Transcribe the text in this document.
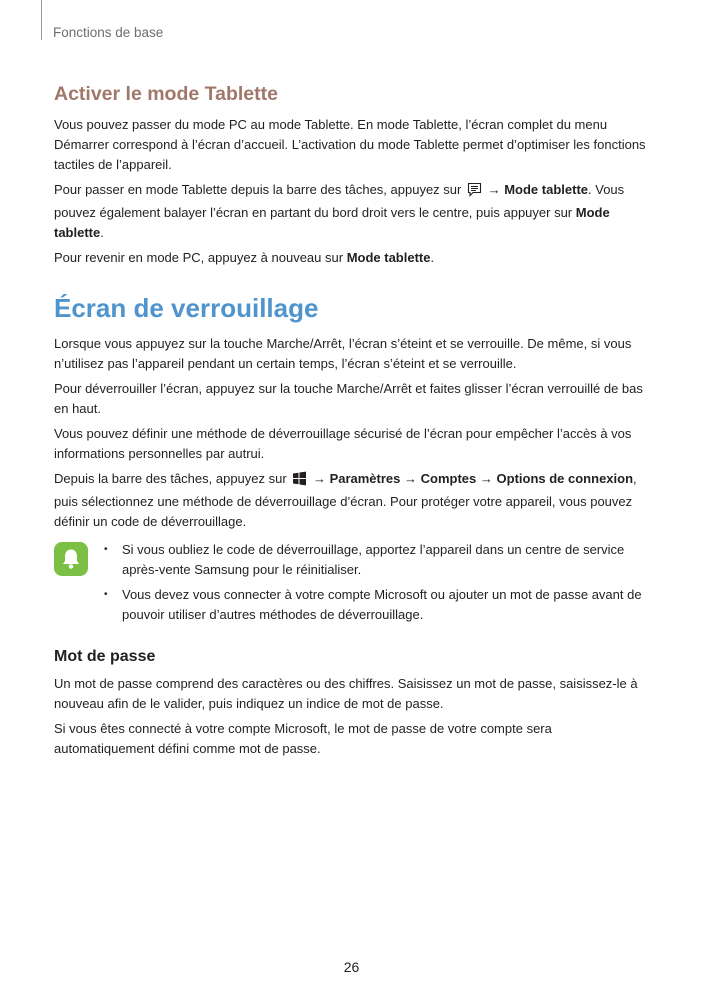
Fonctions de base
Activer le mode Tablette

Vous pouvez passer du mode PC au mode Tablette. En mode Tablette, l’écran complet du menu Démarrer correspond à l’écran d’accueil. L’activation du mode Tablette permet d’optimiser les fonctions tactiles de l’appareil.

Pour passer en mode Tablette depuis la barre des tâches, appuyez sur → Mode tablette. Vous pouvez également balayer l’écran en partant du bord droit vers le centre, puis appuyer sur Mode tablette.

Pour revenir en mode PC, appuyez à nouveau sur Mode tablette.

Écran de verrouillage

Lorsque vous appuyez sur la touche Marche/Arrêt, l’écran s’éteint et se verrouille. De même, si vous n’utilisez pas l’appareil pendant un certain temps, l’écran s’éteint et se verrouille.

Pour déverrouiller l’écran, appuyez sur la touche Marche/Arrêt et faites glisser l’écran verrouillé de bas en haut.

Vous pouvez définir une méthode de déverrouillage sécurisé de l’écran pour empêcher l’accès à vos informations personnelles par autrui.

Depuis la barre des tâches, appuyez sur → Paramètres → Comptes → Options de connexion, puis sélectionnez une méthode de déverrouillage d’écran. Pour protéger votre appareil, vous pouvez définir un code de déverrouillage.

• Si vous oubliez le code de déverrouillage, apportez l’appareil dans un centre de service après-vente Samsung pour le réinitialiser.
• Vous devez vous connecter à votre compte Microsoft ou ajouter un mot de passe avant de pouvoir utiliser d’autres méthodes de déverrouillage.
Mot de passe

Un mot de passe comprend des caractères ou des chiffres. Saisissez un mot de passe, saisissez-le à nouveau afin de le valider, puis indiquez un indice de mot de passe.

Si vous êtes connecté à votre compte Microsoft, le mot de passe de votre compte sera automatiquement défini comme mot de passe.

26
